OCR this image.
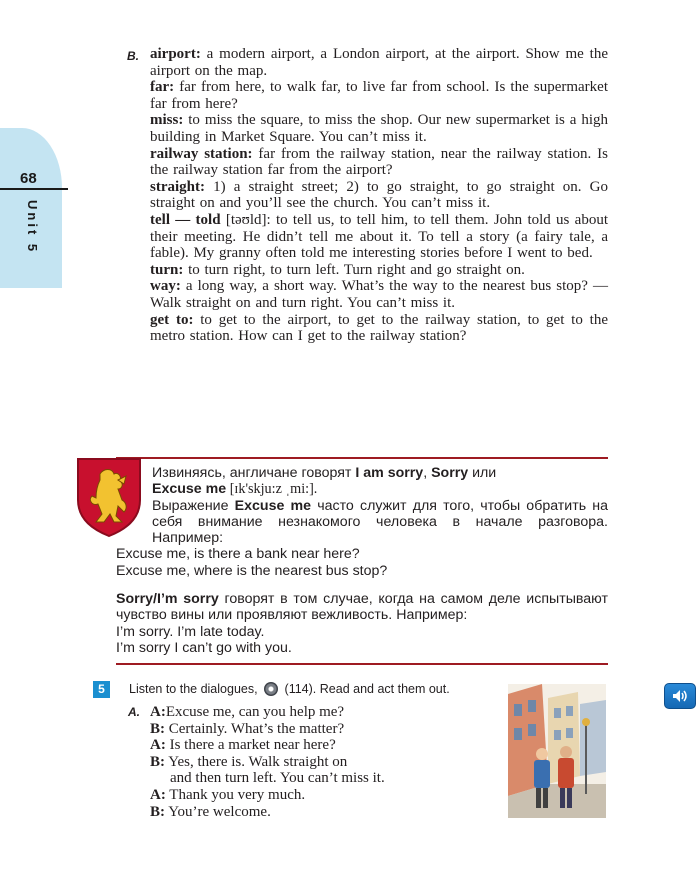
68
Unit 5
B. airport: a modern airport, a London airport, at the airport. Show me the airport on the map.

far: far from here, to walk far, to live far from school. Is the supermarket far from here?

miss: to miss the square, to miss the shop. Our new supermarket is a high building in Market Square. You can’t miss it.

railway station: far from the railway station, near the railway station. Is the railway station far from the airport?

straight: 1) a straight street; 2) to go straight, to go straight on. Go straight on and you’ll see the church. You can’t miss it.

tell — told [təʊld]: to tell us, to tell him, to tell them. John told us about their meeting. He didn’t tell me about it. To tell a story (a fairy tale, a fable). My granny often told me interesting stories before I went to bed.

turn: to turn right, to turn left. Turn right and go straight on.

way: a long way, a short way. What’s the way to the nearest bus stop? — Walk straight on and turn right. You can’t miss it.

get to: to get to the airport, to get to the railway station, to get to the metro station. How can I get to the railway station?

Извиняясь, англичане говорят I am sorry, Sorry или
Excuse me [ɪk'skju:z ˌmi:].

Выражение Excuse me часто служит для того, чтобы обратить на себя внимание незнакомого человека в начале разговора. Например:

Excuse me, is there a bank near here?

Excuse me, where is the nearest bus stop?

Sorry/I’m sorry говорят в том случае, когда на самом деле испытывают чувство вины или проявляют вежливость. Например:

I’m sorry. I’m late today.

I’m sorry I can’t go with you.

5	Listen to the dialogues, (114). Read and act them out.

A. A:Excuse me, can you help me?

B: Certainly. What’s the matter?

A: Is there a market near here?

B: Yes, there is. Walk straight on

and then turn left. You can’t miss it.

A: Thank you very much.

B: You’re welcome.
